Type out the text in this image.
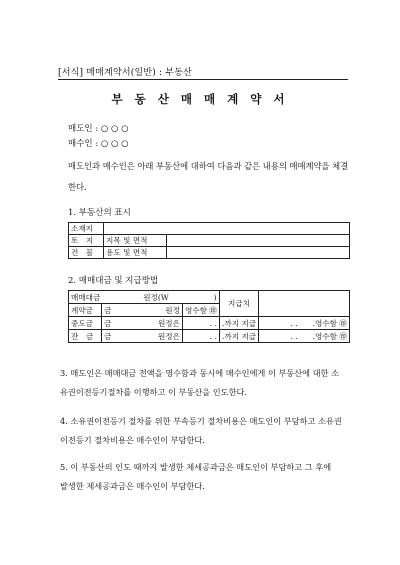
[서식] 매매계약서(일반) : 부동산
부 동 산 매 매 계 약 서
매도인 : ○ ○ ○
매수인 : ○ ○ ○
매도인과 매수인은 아래 부동산에 대하여 다음과 같은 내용의 매매계약을 체결
한다.
1. 부동산의 표시
소재지		
토　지	지목 및 면적	
건　물	용도 및 면적	
2. 매매대금 및 지급방법
매매대금 원정(W )				지급치	
계약금	금	원정	영수함 ㊞		
중도금	금	원정은	. .	.까지 지급	. . .영수함 ㊞
잔　금	금	원정은	. .	.까지 지급	. . .영수함 ㊞
3. 매도인은 매매대금 전액을 영수함과 동시에 매수인에게 이 부동산에 대한 소
유권이전등기절차를 이행하고 이 부동산을 인도한다.
4. 소유권이전등기 절차를 위한 부속등기 절차비용은 매도인이 부담하고 소유권
이전등기 절차비용은 매수인이 부담한다.
5. 이 부동산의 인도 때까지 발생한 제세공과금은 매도인이 부담하고 그 후에
발생한 제세공과금은 매수인이 부담한다.
